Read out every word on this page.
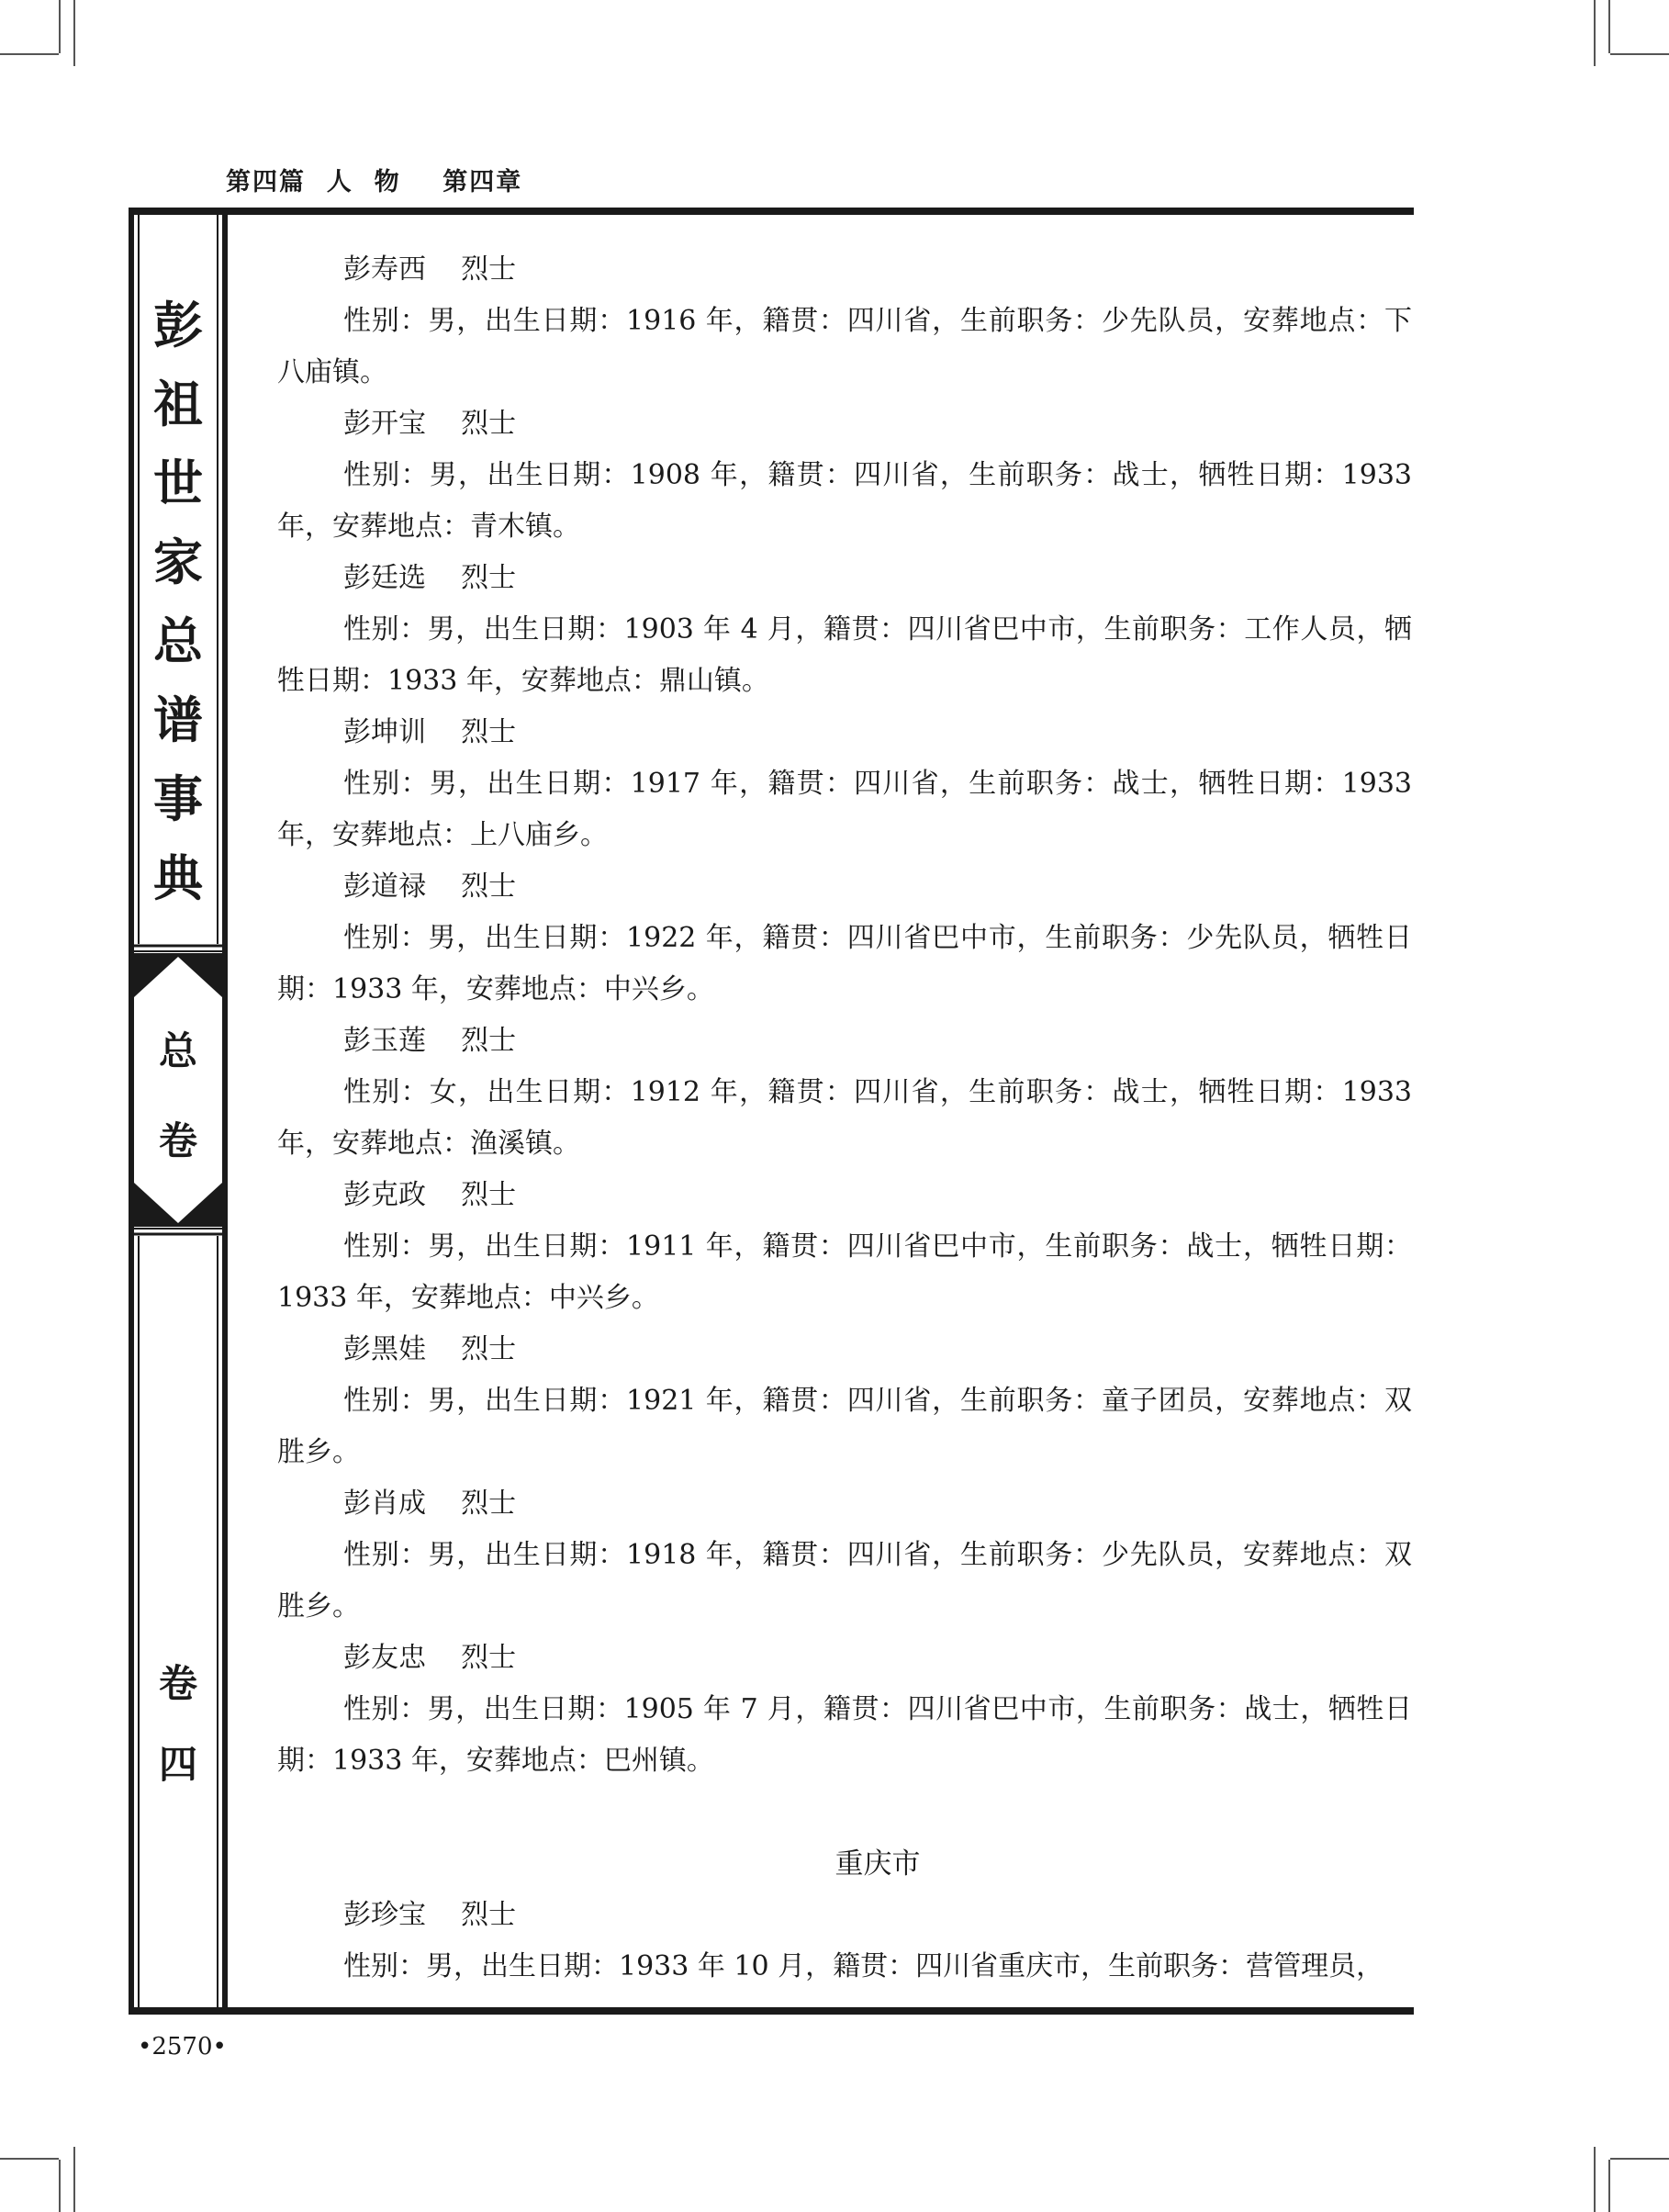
第四篇  人  物    第四章
彭
祖
世
家
总
谱
事
典
总
卷
卷
四

彭寿西    烈士

性别：男，出生日期：1916 年，籍贯：四川省，生前职务：少先队员，安葬地点：下八庙镇。

彭开宝    烈士

性别：男，出生日期：1908 年，籍贯：四川省，生前职务：战士，牺牲日期：1933 年，安葬地点：青木镇。

彭廷选    烈士

性别：男，出生日期：1903 年 4 月，籍贯：四川省巴中市，生前职务：工作人员，牺牲日期：1933 年，安葬地点：鼎山镇。

彭坤训    烈士

性别：男，出生日期：1917 年，籍贯：四川省，生前职务：战士，牺牲日期：1933 年，安葬地点：上八庙乡。

彭道禄    烈士

性别：男，出生日期：1922 年，籍贯：四川省巴中市，生前职务：少先队员，牺牲日期：1933 年，安葬地点：中兴乡。

彭玉莲    烈士

性别：女，出生日期：1912 年，籍贯：四川省，生前职务：战士，牺牲日期：1933 年，安葬地点：渔溪镇。

彭克政    烈士

性别：男，出生日期：1911 年，籍贯：四川省巴中市，生前职务：战士，牺牲日期：1933 年，安葬地点：中兴乡。

彭黑娃    烈士

性别：男，出生日期：1921 年，籍贯：四川省，生前职务：童子团员，安葬地点：双胜乡。

彭肖成    烈士

性别：男，出生日期：1918 年，籍贯：四川省，生前职务：少先队员，安葬地点：双胜乡。

彭友忠    烈士

性别：男，出生日期：1905 年 7 月，籍贯：四川省巴中市，生前职务：战士，牺牲日期：1933 年，安葬地点：巴州镇。

重庆市

彭珍宝    烈士

性别：男，出生日期：1933 年 10 月，籍贯：四川省重庆市，生前职务：营管理员，

•2570•
